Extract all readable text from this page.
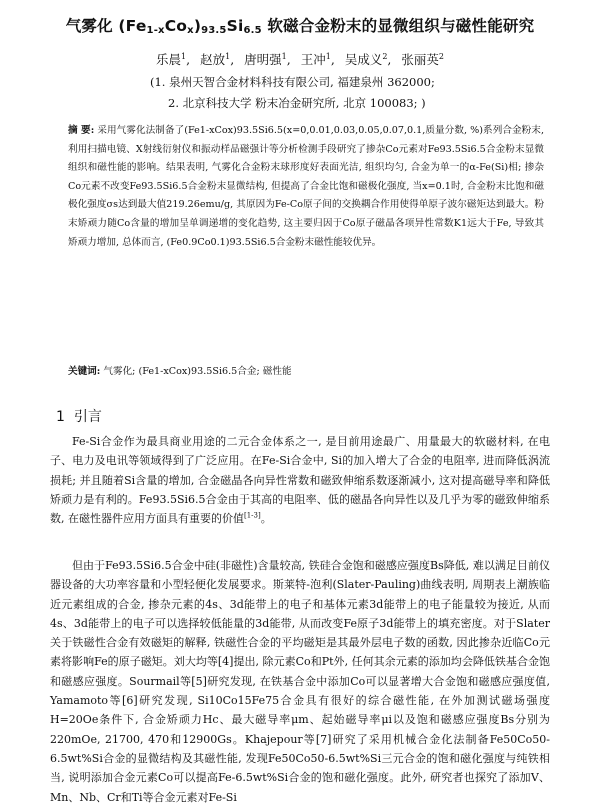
气雾化 $(Fe_{1-x}Co_x)_{93.5}Si_{6.5}$ 软磁合金粉末的显微组织与磁性能研究
乐晨$^1$, 赵放$^1$, 唐明强$^1$, 王冲$^1$, 吴成义$^2$, 张丽英$^2$
(1. 泉州天智合金材料科技有限公司, 福建泉州 362000;
2. 北京科技大学 粉末冶金研究所, 北京 100083; )
摘 要: 采用气雾化法制备了(Fe1-xCox)93.5Si6.5(x=0,0.01,0.03,0.05,0.07,0.1,质量分数, %)系列合金粉末, 利用扫描电镜、X射线衍射仪和振动样品磁强计等分析检测手段研究了掺杂Co元素对Fe93.5Si6.5合金粉末显微组织和磁性能的影响。结果表明, 气雾化合金粉末球形度好表面光洁, 组织均匀, 合金为单一的α-Fe(Si)相; 掺杂Co元素不改变Fe93.5Si6.5合金粉末显微结构, 但提高了合金比饱和磁极化强度, 当x=0.1时, 合金粉末比饱和磁极化强度σs达到最大值219.26emu/g, 其原因为Fe-Co原子间的交换耦合作用使得单原子波尔磁矩达到最大。粉末矫顽力随Co含量的增加呈单调递增的变化趋势, 这主要归因于Co原子磁晶各项异性常数K1远大于Fe, 导致其矫顽力增加, 总体而言, (Fe0.9Co0.1)93.5Si6.5合金粉末磁性能较优异。
关键词: 气雾化; (Fe1-xCox)93.5Si6.5合金; 磁性能
1 引言
Fe-Si合金作为最具商业用途的二元合金体系之一, 是目前用途最广、用量最大的软磁材料, 在电子、电力及电讯等领域得到了广泛应用。在Fe-Si合金中, Si的加入增大了合金的电阻率, 进而降低涡流损耗; 并且随着Si含量的增加, 合金磁晶各向异性常数和磁致伸缩系数逐渐减小, 这对提高磁导率和降低矫顽力是有利的。Fe93.5Si6.5合金由于其高的电阻率、低的磁晶各向异性以及几乎为零的磁致伸缩系数, 在磁性器件应用方面具有重要的价值[1-3]。
但由于Fe93.5Si6.5合金中硅(非磁性)含量较高, 铁硅合金饱和磁感应强度Bs降低, 难以满足目前仪器设备的大功率容量和小型轻便化发展要求。斯莱特-泡利(Slater-Pauling)曲线表明, 周期表上潮族临近元素组成的合金, 掺杂元素的4s、3d能带上的电子和基体元素3d能带上的电子能量较为接近, 从而4s、3d能带上的电子可以选择较低能量的3d能带, 从而改变Fe原子3d能带上的填充密度。对于Slater关于铁磁性合金有效磁矩的解释, 铁磁性合金的平均磁矩是其最外层电子数的函数, 因此掺杂近临Co元素将影响Fe的原子磁矩。刘大均等[4]提出, 除元素Co和Pt外, 任何其余元素的添加均会降低铁基合金饱和磁感应强度。Sourmail等[5]研究发现, 在铁基合金中添加Co可以显著增大合金饱和磁感应强度值, Yamamoto等[6]研究发现, Si10Co15Fe75合金具有很好的综合磁性能, 在外加测试磁场强度H=20Oe条件下, 合金矫顽力Hc、最大磁导率μm、起始磁导率μi以及饱和磁感应强度Bs分别为220mOe, 21700, 470和12900Gs。Khajepour等[7]研究了采用机械合金化法制备Fe50Co50-6.5wt%Si合金的显微结构及其磁性能, 发现Fe50Co50-6.5wt%Si三元合金的饱和磁化强度与纯铁相当, 说明添加合金元素Co可以提高Fe-6.5wt%Si合金的饱和磁化强度。此外, 研究者也探究了添加V、Mn、Nb、Cr和Ti等合金元素对Fe-Si
